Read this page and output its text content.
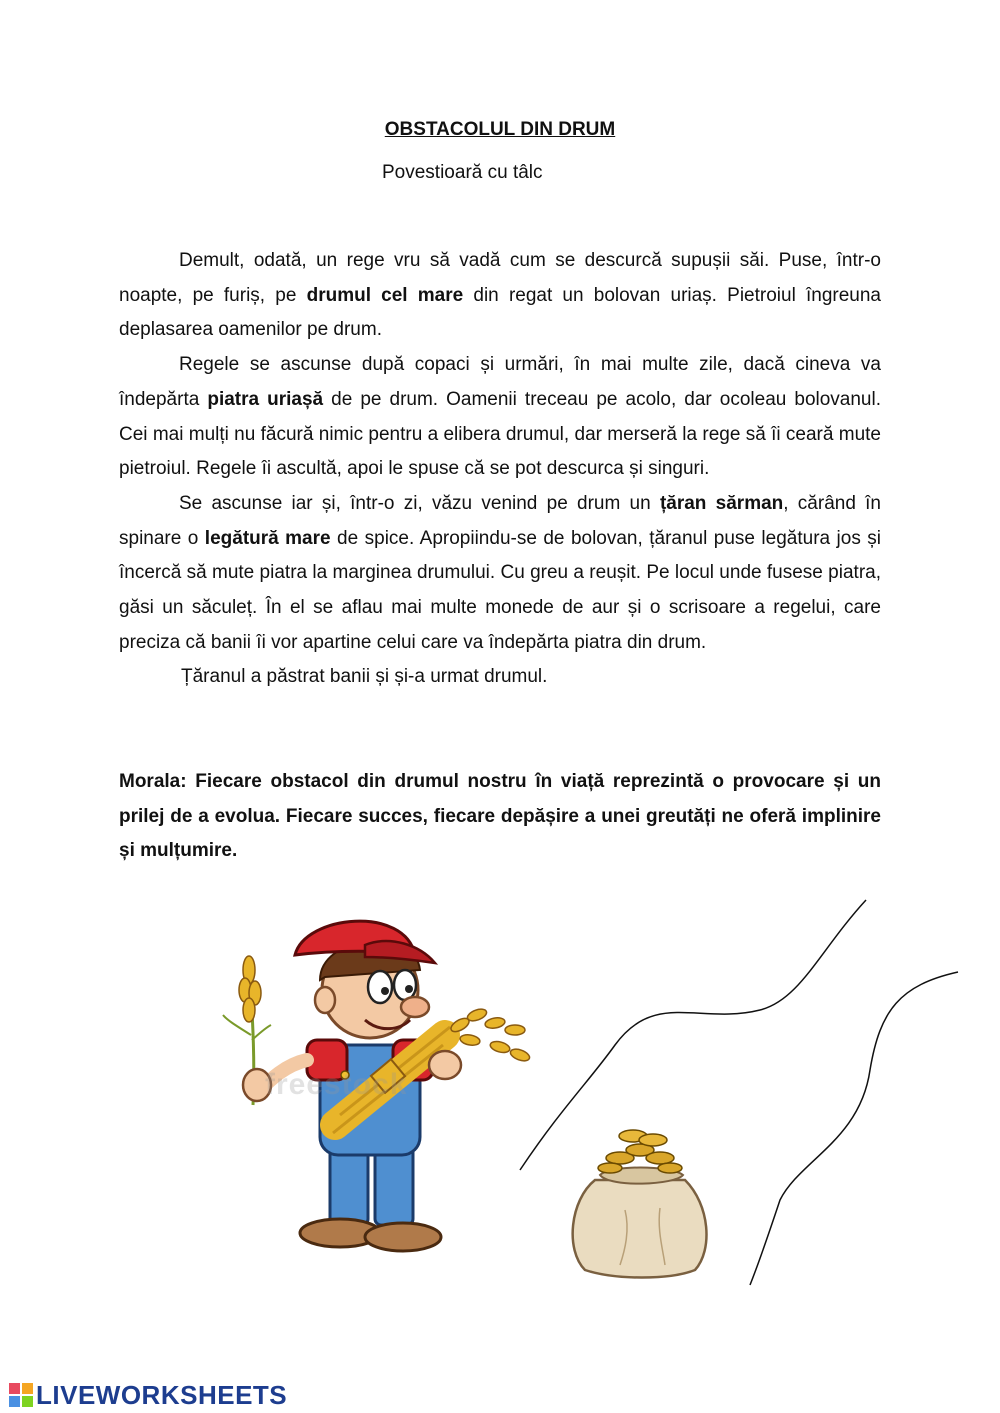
OBSTACOLUL DIN DRUM

Povestioară cu tâlc

Demult, odată, un rege vru să vadă cum se descurcă supușii săi. Puse, într-o noapte, pe furiș, pe drumul cel mare din regat un bolovan uriaș. Pietroiul îngreuna deplasarea oamenilor pe drum.

Regele se ascunse după copaci și urmări, în mai multe zile, dacă cineva va îndepărta piatra uriașă de pe drum. Oamenii treceau pe acolo, dar ocoleau bolovanul. Cei mai mulți nu făcură nimic pentru a elibera drumul, dar merseră la rege să îi ceară mute pietroiul. Regele îi ascultă, apoi le spuse că se pot descurca și singuri.

Se ascunse iar și, într-o zi, văzu venind pe drum un țăran sărman, cărând în spinare o legătură mare de spice. Apropiindu-se de bolovan, țăranul puse legătura jos și încercă să mute piatra la marginea drumului. Cu greu a reușit. Pe locul unde fusese piatra, găsi un săculeț. În el se aflau mai multe monede de aur și o scrisoare a regelui, care preciza că banii îi vor apartine celui care va îndepărta piatra din drum.

Țăranul a păstrat banii și și-a urmat drumul.

Morala: Fiecare obstacol din drumul nostru în viață reprezintă o provocare și un prilej de a evolua. Fiecare succes, fiecare depășire a unei greutăți ne oferă implinire și mulțumire.

freestock
LIVEWORKSHEETS
